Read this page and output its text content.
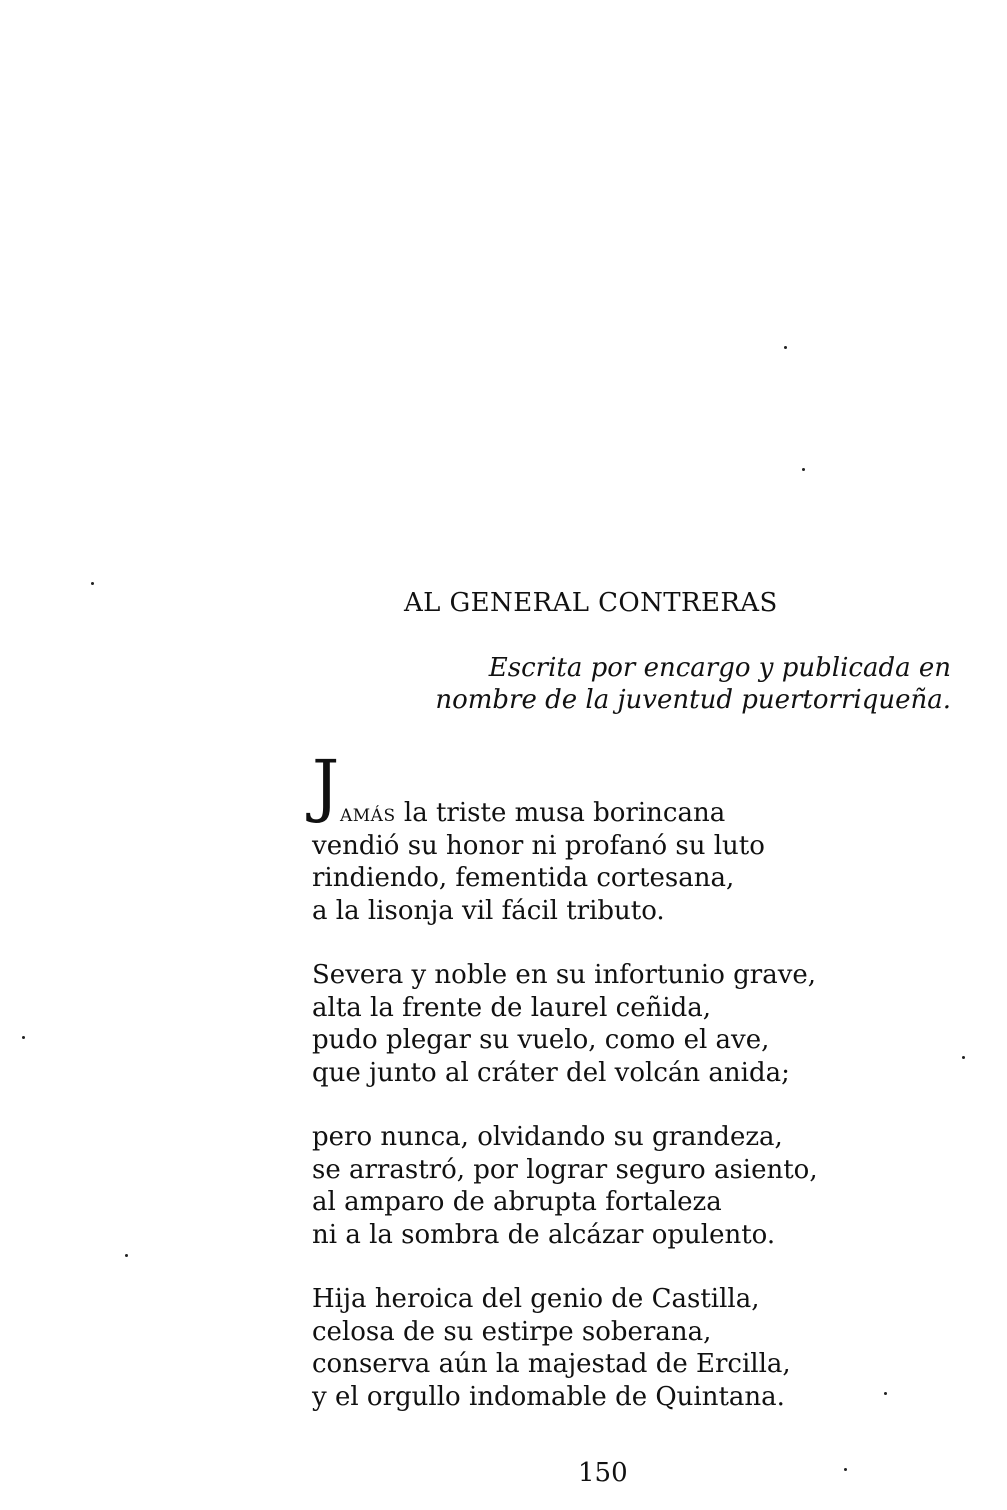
AL GENERAL CONTRERAS
Escrita por encargo y publicada en
nombre de la juventud puertorriqueña.
J AMÁS la triste musa borincana
vendió su honor ni profanó su luto
rindiendo, fementida cortesana,
a la lisonja vil fácil tributo.
Severa y noble en su infortunio grave,
alta la frente de laurel ceñida,
pudo plegar su vuelo, como el ave,
que junto al cráter del volcán anida;
pero nunca, olvidando su grandeza,
se arrastró, por lograr seguro asiento,
al amparo de abrupta fortaleza
ni a la sombra de alcázar opulento.
Hija heroica del genio de Castilla,
celosa de su estirpe soberana,
conserva aún la majestad de Ercilla,
y el orgullo indomable de Quintana.
150
